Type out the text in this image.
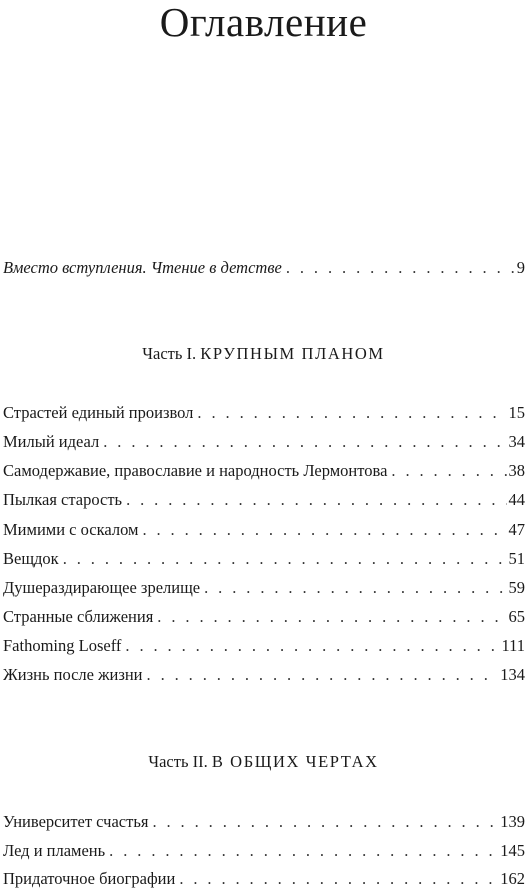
Оглавление
Вместо вступления. Чтение в детстве . . .	9
Часть I. КРУПНЫМ ПЛАНОМ
Страстей единый произвол . . .	15
Милый идеал . . .	34
Самодержавие, православие и народность Лермонтова . . .	38
Пылкая старость . . .	44
Мимими с оскалом . . .	47
Вещдок . . .	51
Душераздирающее зрелище . . .	59
Странные сближения . . .	65
Fathoming Loseff . . .	111
Жизнь после жизни . . .	134
Часть II. В ОБЩИХ ЧЕРТАХ
Университет счастья . . .	139
Лед и пламень . . .	145
Придаточное биографии . . .	162
